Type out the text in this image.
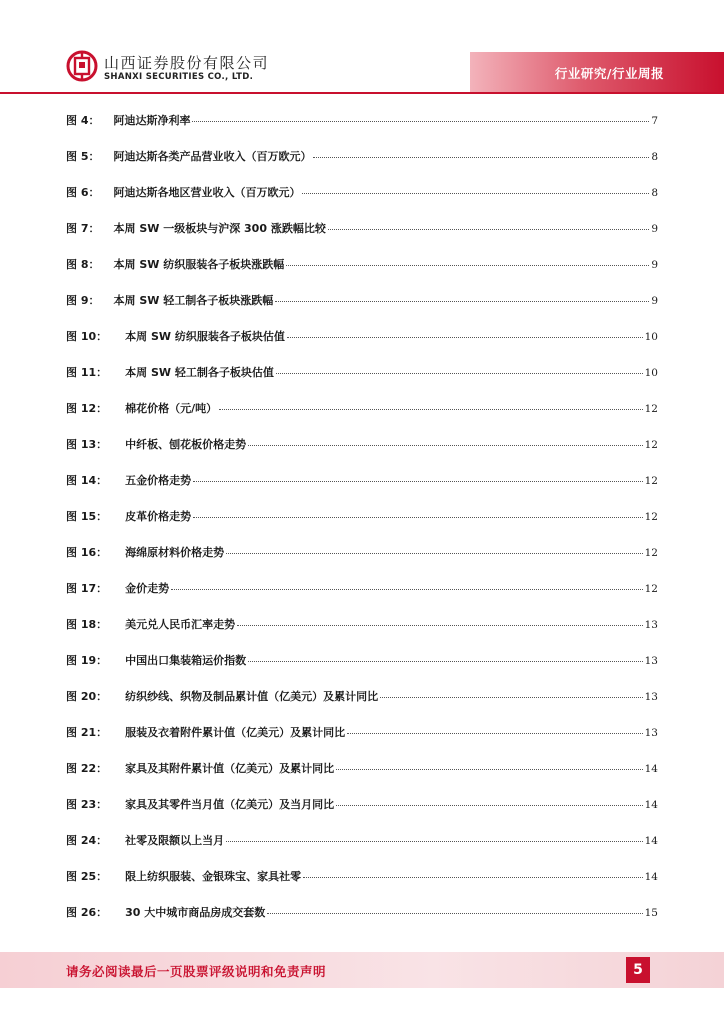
山西证券股份有限公司
SHANXI SECURITIES CO., LTD.	行业研究/行业周报
图 4： 阿迪达斯净利率	7
图 5： 阿迪达斯各类产品营业收入（百万欧元）	8
图 6： 阿迪达斯各地区营业收入（百万欧元）	8
图 7： 本周 SW 一级板块与沪深 300 涨跌幅比较	9
图 8： 本周 SW 纺织服装各子板块涨跌幅	9
图 9： 本周 SW 轻工制各子板块涨跌幅	9
图 10： 本周 SW 纺织服装各子板块估值	10
图 11： 本周 SW 轻工制各子板块估值	10
图 12： 棉花价格（元/吨）	12
图 13： 中纤板、刨花板价格走势	12
图 14： 五金价格走势	12
图 15： 皮革价格走势	12
图 16： 海绵原材料价格走势	12
图 17： 金价走势	12
图 18： 美元兑人民币汇率走势	13
图 19： 中国出口集装箱运价指数	13
图 20： 纺织纱线、织物及制品累计值（亿美元）及累计同比	13
图 21： 服装及衣着附件累计值（亿美元）及累计同比	13
图 22： 家具及其附件累计值（亿美元）及累计同比	14
图 23： 家具及其零件当月值（亿美元）及当月同比	14
图 24： 社零及限额以上当月	14
图 25： 限上纺织服装、金银珠宝、家具社零	14
图 26： 30 大中城市商品房成交套数	15
请务必阅读最后一页股票评级说明和免责声明	5
